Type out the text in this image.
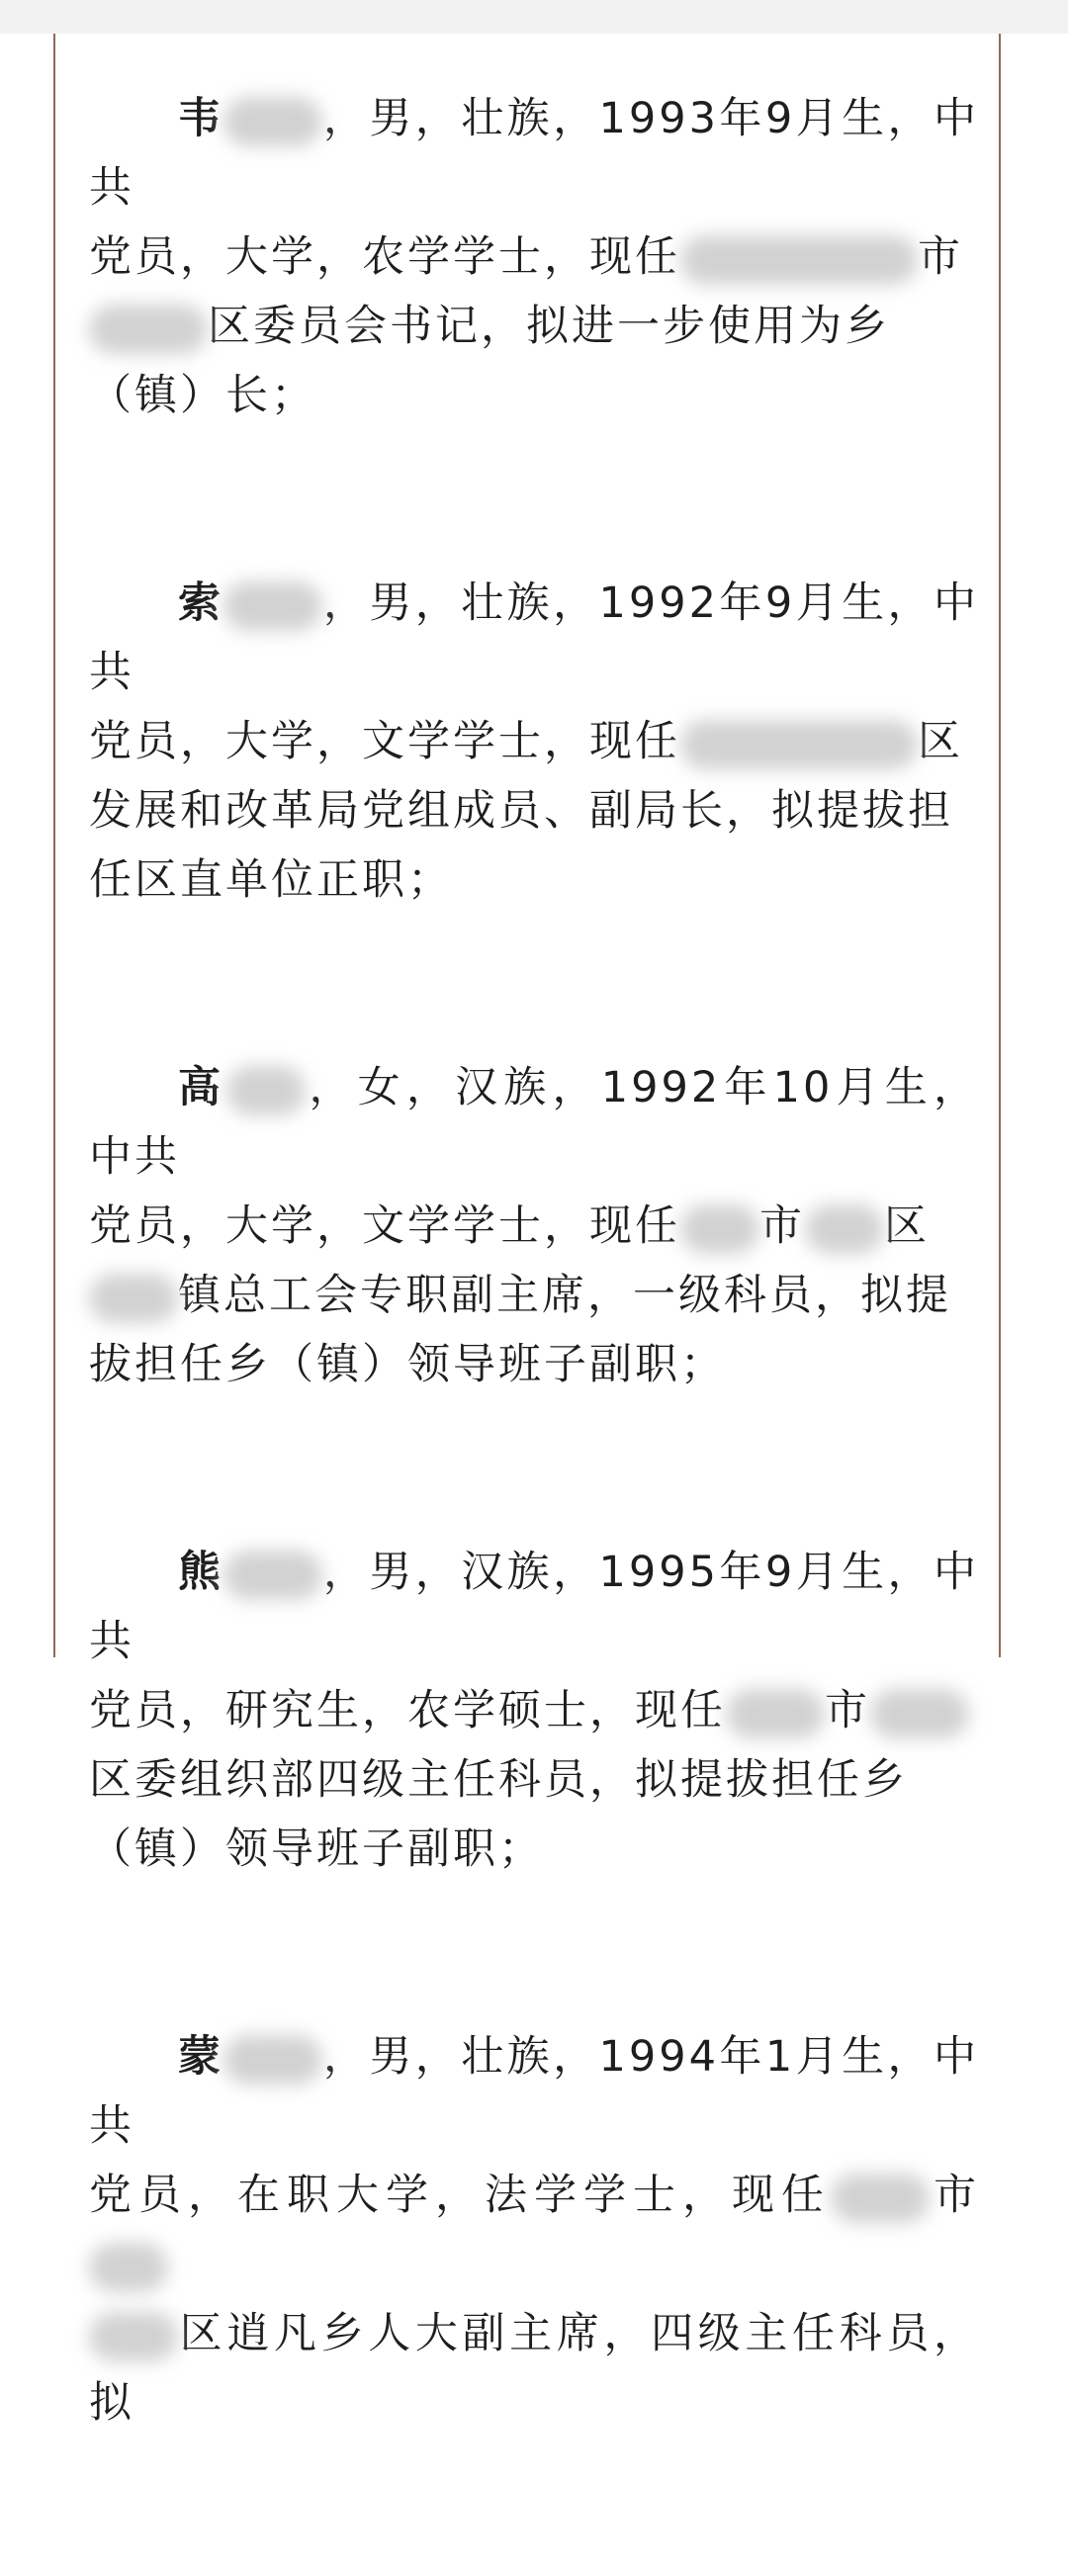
韦 ，男，壮族，1993年9月生，中共
党员，大学，农学学士，现任	市
区委员会书记，拟进一步使用为乡
（镇）长；

索 ，男，壮族，1992年9月生，中共
党员，大学，文学学士，现任	区
发展和改革局党组成员、副局长，拟提拔担
任区直单位正职；

高 ，女，汉族，1992年10月生，中共
党员，大学，文学学士，现任 市 区
镇总工会专职副主席，一级科员，拟提
拔担任乡（镇）领导班子副职；

熊 ，男，汉族，1995年9月生，中共
党员，研究生，农学硕士，现任 市
区委组织部四级主任科员，拟提拔担任乡
（镇）领导班子副职；

蒙 ，男，壮族，1994年1月生，中共
党员，在职大学，法学学士，现任 市
区逍凡乡人大副主席，四级主任科员，拟
